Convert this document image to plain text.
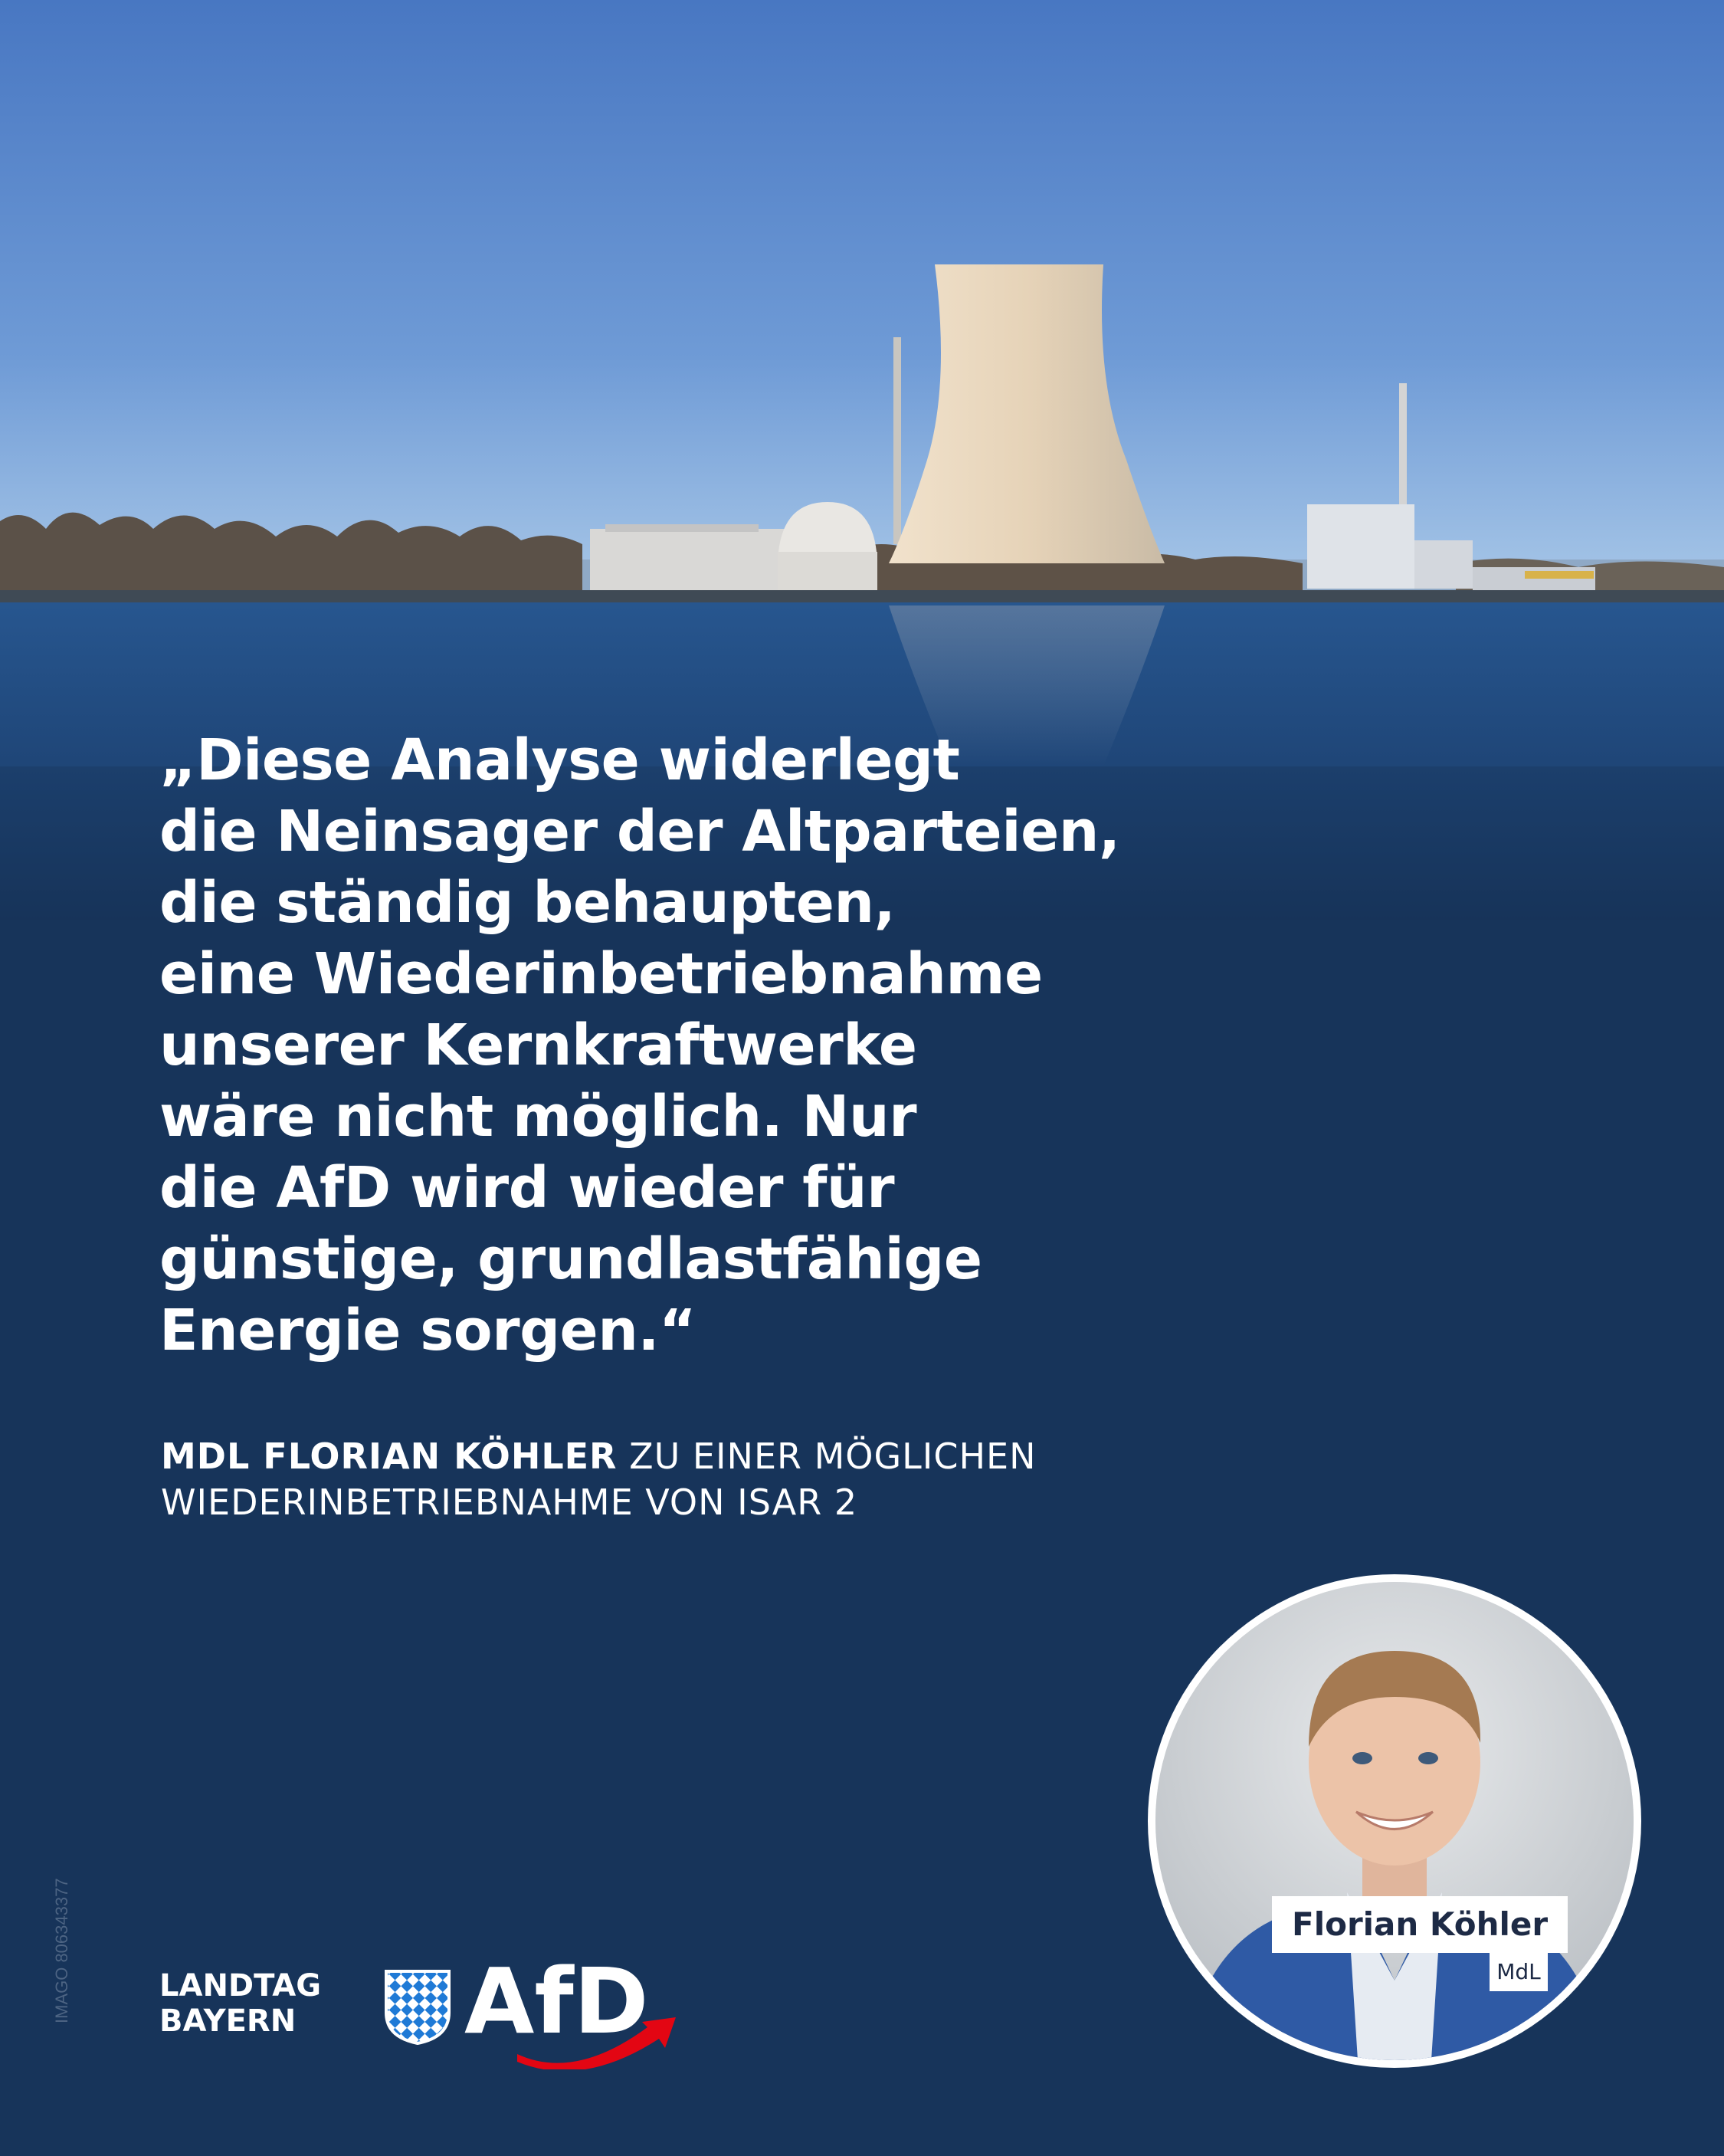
„Diese Analyse widerlegt
die Neinsager der Altparteien,
die ständig behaupten,
eine Wiederinbetriebnahme
unserer Kernkraftwerke
wäre nicht möglich. Nur
die AfD wird wieder für
günstige, grundlastfähige
Energie sorgen.“
MDL FLORIAN KÖHLER ZU EINER MÖGLICHEN
WIEDERINBETRIEBNAHME VON ISAR 2
Florian Köhler
MdL
IMAGO 806343377	LANDTAG
BAYERN AfD
